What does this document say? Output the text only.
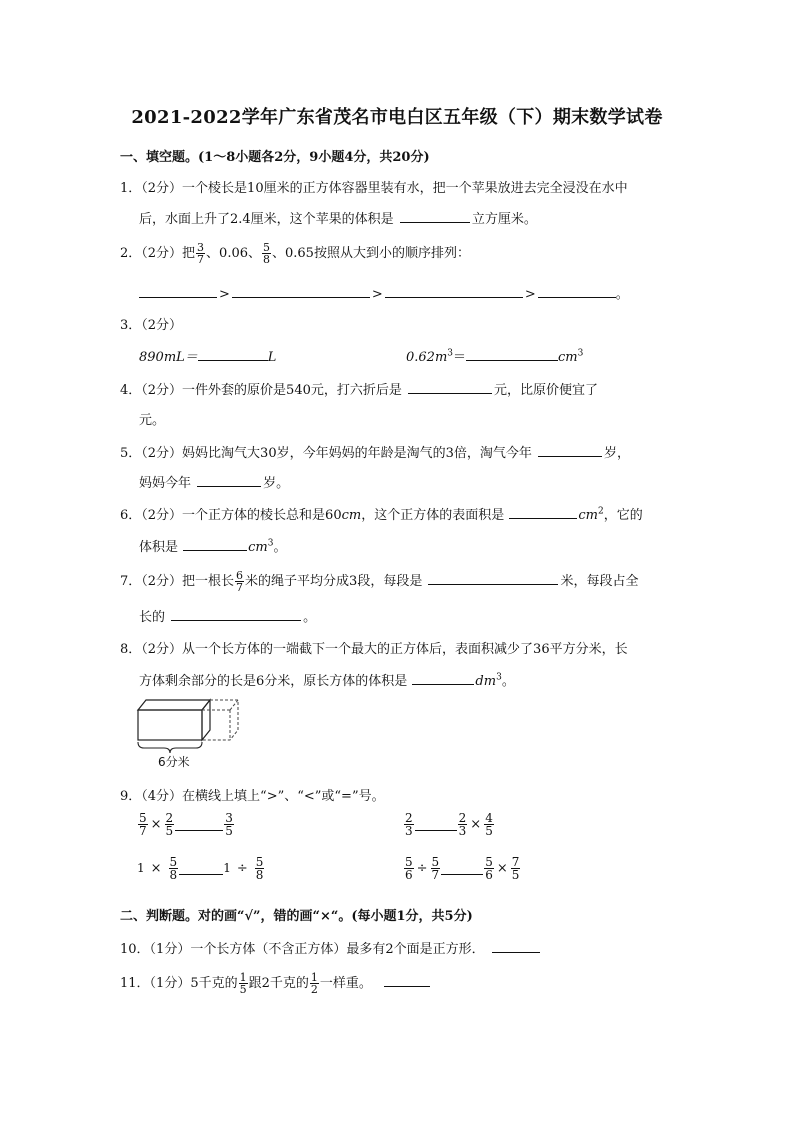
2021-2022学年广东省茂名市电白区五年级（下）期末数学试卷
一、填空题。(1～8小题各2分，9小题4分，共20分)
1．（2分）一个棱长是10厘米的正方体容器里装有水，把一个苹果放进去完全浸没在水中
后，水面上升了2.4厘米，这个苹果的体积是	立方厘米。
2．（2分）把 $\frac{3}{7}$ 、0.06、 $\frac{5}{8}$ 、0.65按照从大到小的顺序排列：
>	>	>	。
3．（2分）
890mL＝	L	$0.62m^3=$	$cm^3$
4．（2分）一件外套的原价是540元，打六折后是	元，比原价便宜了
元。
5．（2分）妈妈比淘气大30岁，今年妈妈的年龄是淘气的3倍，淘气今年	岁，
妈妈今年	岁。
6．（2分）一个正方体的棱长总和是60cm，这个正方体的表面积是	$cm^2$，它的
体积是	$cm^3$。
7．（2分）把一根长 $\frac{6}{7}$ 米的绳子平均分成3段，每段是	米，每段占全
长的	。
8．（2分）从一个长方体的一端截下一个最大的正方体后，表面积减少了36平方分米，长
方体剩余部分的长是6分米，原长方体的体积是	$dm^3$。
6分米
9．（4分）在横线上填上“>”、“<”或“=”号。
$\frac{5}{7} \times \frac{2}{5}$	$\frac{3}{5}$	$\frac{2}{3}$	$\frac{2}{3} \times \frac{4}{5}$
$1 \times \frac{5}{8}$	$1 \div \frac{5}{8}$	$\frac{5}{6} \div \frac{5}{7}$	$\frac{5}{6} \times \frac{7}{5}$
二、判断题。对的画“√”，错的画“×“。(每小题1分，共5分)
10．（1分）一个长方体（不含正方体）最多有2个面是正方形．
11．（1分）5千克的 $\frac{1}{5}$ 跟2千克的 $\frac{1}{2}$ 一样重。
